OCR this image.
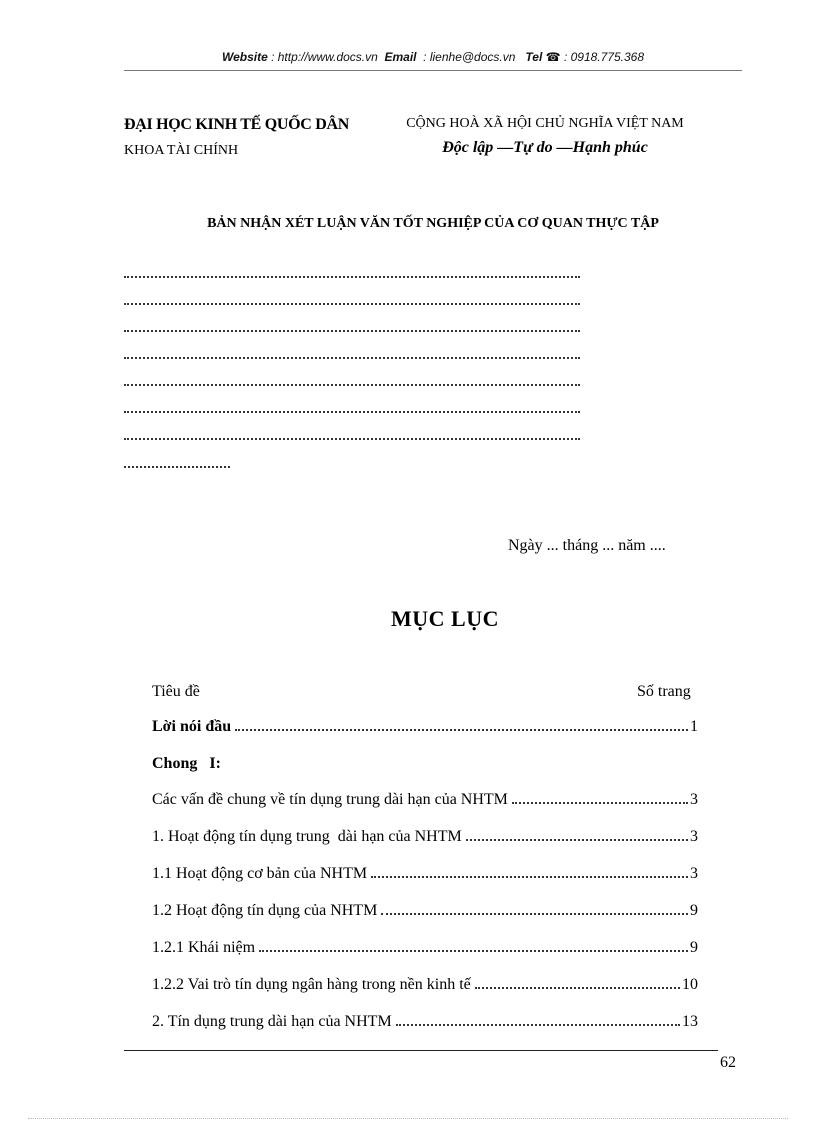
Website : http://www.docs.vn Email : lienhe@docs.vn Tel ☎ : 0918.775.368
ĐẠI HỌC KINH TẾ QUỐC DÂN
KHOA TÀI CHÍNH
CỘNG HOÀ XÃ HỘI CHỦ NGHĨA VIỆT NAM
Độc lập —Tự do —Hạnh phúc
BẢN NHẬN XÉT LUẬN VĂN TỐT NGHIỆP CỦA CƠ QUAN THỰC TẬP
Ngày ... tháng ... năm ....
MỤC LỤC
Tiêu đề	Số trang
Lời nói đầu	1
Chong   I:
Các vấn đề chung về tín dụng trung dài hạn của NHTM	3
1. Hoạt động tín dụng trung  dài hạn của NHTM	3
1.1 Hoạt động cơ bản của NHTM	3
1.2 Hoạt động tín dụng của NHTM	9
1.2.1 Khái niệm	9
1.2.2 Vai trò tín dụng ngân hàng trong nền kinh tế	10
2. Tín dụng trung dài hạn của NHTM	13
62
